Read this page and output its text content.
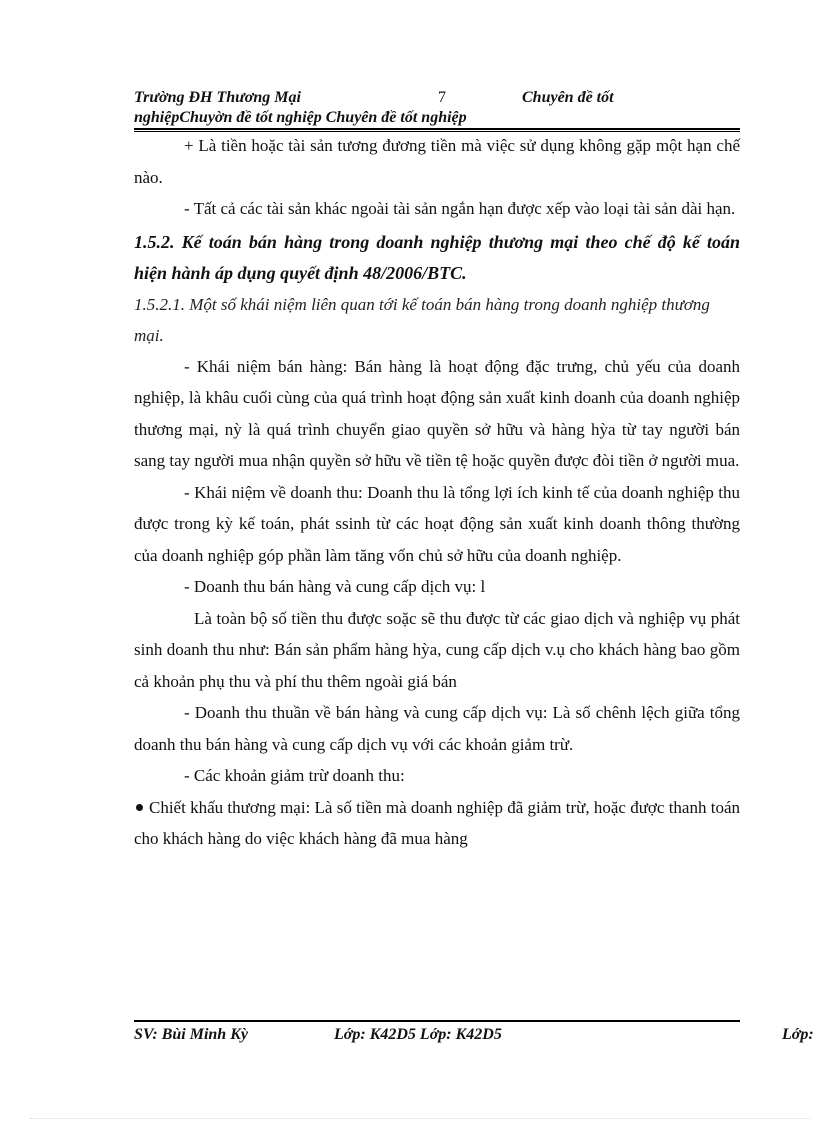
Trường ĐH Thương Mại	7	Chuyên đề tốt
nghiệpChuyờn đề tốt nghiệp Chuyên đề tốt nghiệp

+ Là tiền hoặc tài sản tương đương tiền mà việc sử dụng không gặp một hạn chế nào.

- Tất cả các tài sản khác ngoài tài sản ngắn hạn được xếp vào loại tài sản dài hạn.

1.5.2. Kế toán bán hàng trong doanh nghiệp thương mại theo chế độ kế toán hiện hành áp dụng quyết định 48/2006/BTC.

1.5.2.1. Một số khái niệm liên quan tới kế toán bán hàng trong doanh nghiệp thương mại.

- Khái niệm bán hàng: Bán hàng là hoạt động đặc trưng, chủ yếu của doanh nghiệp, là khâu cuối cùng của quá trình hoạt động sản xuất kinh doanh của doanh nghiệp thương mại, nỳ là quá trình chuyển giao quyền sở hữu và hàng hỳa từ tay người bán sang tay người mua nhận quyền sở hữu về tiền tệ hoặc quyền được đòi tiền ở người mua.

- Khái niệm về doanh thu: Doanh thu là tổng lợi ích kinh tế của doanh nghiệp thu được trong kỳ kế toán, phát ssinh từ các hoạt động sản xuất kinh doanh thông thường của doanh nghiệp góp phần làm tăng vốn chủ sở hữu của doanh nghiệp.

- Doanh thu bán hàng và cung cấp dịch vụ: l

Là toàn bộ số tiền thu được soặc sẽ thu được từ các giao dịch và nghiệp vụ phát sinh doanh thu như: Bán sản phẩm hàng hỳa, cung cấp dịch v.ụ cho khách hàng bao gồm cả khoản phụ thu và phí thu thêm ngoài giá bán

- Doanh thu thuần về bán hàng và cung cấp dịch vụ: Là số chênh lệch giữa tổng doanh thu bán hàng và cung cấp dịch vụ với các khoản giảm trừ.

- Các khoản giảm trừ doanh thu:

Chiết khấu thương mại: Là số tiền mà doanh nghiệp đã giảm trừ, hoặc được thanh toán cho khách hàng do việc khách hàng đã mua hàng

SV: Bùi Minh Kỳ	Lớp: K42D5 Lớp: K42D5	Lớp:
